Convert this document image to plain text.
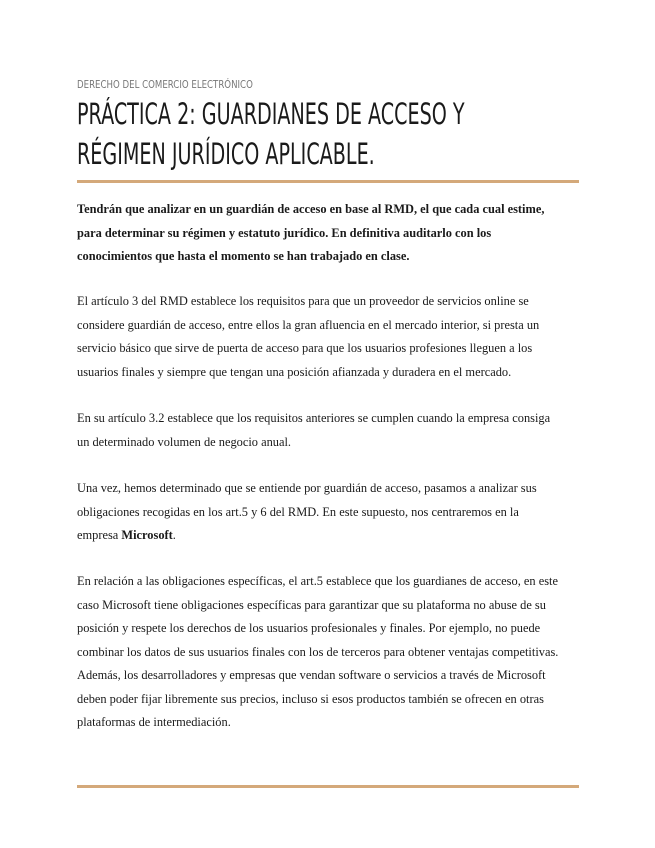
DERECHO DEL COMERCIO ELECTRÓNICO
PRÁCTICA 2: GUARDIANES DE ACCESO Y
RÉGIMEN JURÍDICO APLICABLE.

Tendrán que analizar en un guardián de acceso en base al RMD, el que cada cual estime,
para determinar su régimen y estatuto jurídico. En definitiva auditarlo con los
conocimientos que hasta el momento se han trabajado en clase.

El artículo 3 del RMD establece los requisitos para que un proveedor de servicios online se
considere guardián de acceso, entre ellos la gran afluencia en el mercado interior, si presta un
servicio básico que sirve de puerta de acceso para que los usuarios profesiones lleguen a los
usuarios finales y siempre que tengan una posición afianzada y duradera en el mercado.

En su artículo 3.2 establece que los requisitos anteriores se cumplen cuando la empresa consiga
un determinado volumen de negocio anual.

Una vez, hemos determinado que se entiende por guardián de acceso, pasamos a analizar sus
obligaciones recogidas en los art.5 y 6 del RMD. En este supuesto, nos centraremos en la
empresa Microsoft.

En relación a las obligaciones específicas, el art.5 establece que los guardianes de acceso, en este
caso Microsoft tiene obligaciones específicas para garantizar que su plataforma no abuse de su
posición y respete los derechos de los usuarios profesionales y finales. Por ejemplo, no puede
combinar los datos de sus usuarios finales con los de terceros para obtener ventajas competitivas.
Además, los desarrolladores y empresas que vendan software o servicios a través de Microsoft
deben poder fijar libremente sus precios, incluso si esos productos también se ofrecen en otras
plataformas de intermediación.
